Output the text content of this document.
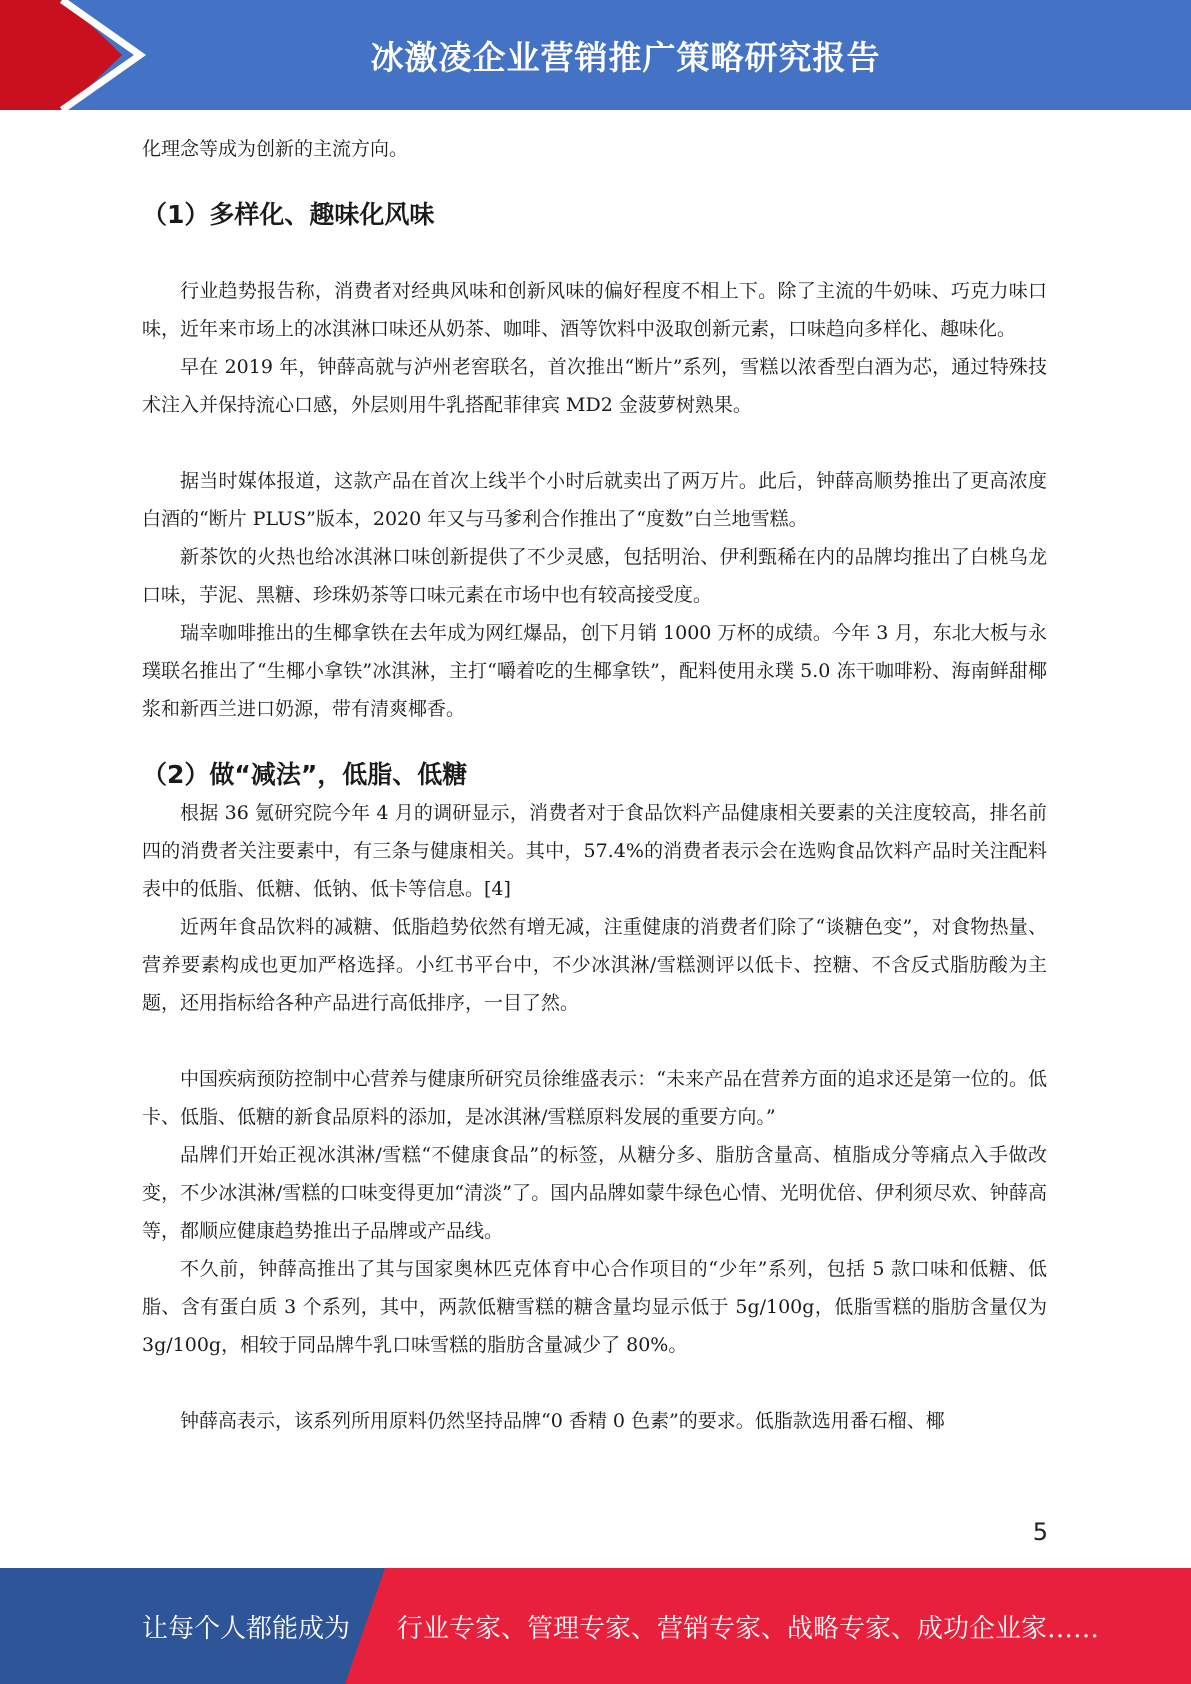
冰激凌企业营销推广策略研究报告

化理念等成为创新的主流方向。

（1）多样化、趣味化风味

行业趋势报告称，消费者对经典风味和创新风味的偏好程度不相上下。除了主流的牛奶味、巧克力味口味，近年来市场上的冰淇淋口味还从奶茶、咖啡、酒等饮料中汲取创新元素，口味趋向多样化、趣味化。

早在 2019 年，钟薛高就与泸州老窖联名，首次推出“断片”系列，雪糕以浓香型白酒为芯，通过特殊技术注入并保持流心口感，外层则用牛乳搭配菲律宾 MD2 金菠萝树熟果。

据当时媒体报道，这款产品在首次上线半个小时后就卖出了两万片。此后，钟薛高顺势推出了更高浓度白酒的“断片 PLUS”版本，2020 年又与马爹利合作推出了“度数”白兰地雪糕。

新茶饮的火热也给冰淇淋口味创新提供了不少灵感，包括明治、伊利甄稀在内的品牌均推出了白桃乌龙口味，芋泥、黑糖、珍珠奶茶等口味元素在市场中也有较高接受度。

瑞幸咖啡推出的生椰拿铁在去年成为网红爆品，创下月销 1000 万杯的成绩。今年 3 月，东北大板与永璞联名推出了“生椰小拿铁”冰淇淋，主打“嚼着吃的生椰拿铁”，配料使用永璞 5.0 冻干咖啡粉、海南鲜甜椰浆和新西兰进口奶源，带有清爽椰香。

（2）做“减法”，低脂、低糖

根据 36 氪研究院今年 4 月的调研显示，消费者对于食品饮料产品健康相关要素的关注度较高，排名前四的消费者关注要素中，有三条与健康相关。其中，57.4%的消费者表示会在选购食品饮料产品时关注配料表中的低脂、低糖、低钠、低卡等信息。[4]

近两年食品饮料的减糖、低脂趋势依然有增无减，注重健康的消费者们除了“谈糖色变”，对食物热量、营养要素构成也更加严格选择。小红书平台中，不少冰淇淋/雪糕测评以低卡、控糖、不含反式脂肪酸为主题，还用指标给各种产品进行高低排序，一目了然。

中国疾病预防控制中心营养与健康所研究员徐维盛表示：“未来产品在营养方面的追求还是第一位的。低卡、低脂、低糖的新食品原料的添加，是冰淇淋/雪糕原料发展的重要方向。”

品牌们开始正视冰淇淋/雪糕“不健康食品”的标签，从糖分多、脂肪含量高、植脂成分等痛点入手做改变，不少冰淇淋/雪糕的口味变得更加“清淡”了。国内品牌如蒙牛绿色心情、光明优倍、伊利须尽欢、钟薛高等，都顺应健康趋势推出子品牌或产品线。

不久前，钟薛高推出了其与国家奥林匹克体育中心合作项目的“少年”系列，包括 5 款口味和低糖、低脂、含有蛋白质 3 个系列，其中，两款低糖雪糕的糖含量均显示低于 5g/100g，低脂雪糕的脂肪含量仅为 3g/100g，相较于同品牌牛乳口味雪糕的脂肪含量减少了 80%。

钟薛高表示，该系列所用原料仍然坚持品牌“0 香精 0 色素”的要求。低脂款选用番石榴、椰

5
让每个人都能成为 行业专家、管理专家、营销专家、战略专家、成功企业家……
